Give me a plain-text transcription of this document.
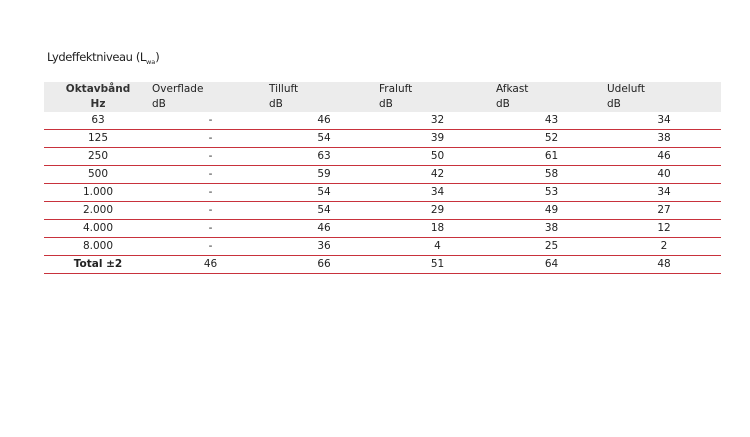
Lydeffektniveau $(L_{wa})$
Oktavbånd	Overflade	Tilluft	Fraluft	Afkast	Udeluft
Hz	dB	dB	dB	dB	dB
63	-	46	32	43	34
125	-	54	39	52	38
250	-	63	50	61	46
500	-	59	42	58	40
1.000	-	54	34	53	34
2.000	-	54	29	49	27
4.000	-	46	18	38	12
8.000	-	36	4	25	2
Total ±2	46	66	51	64	48
